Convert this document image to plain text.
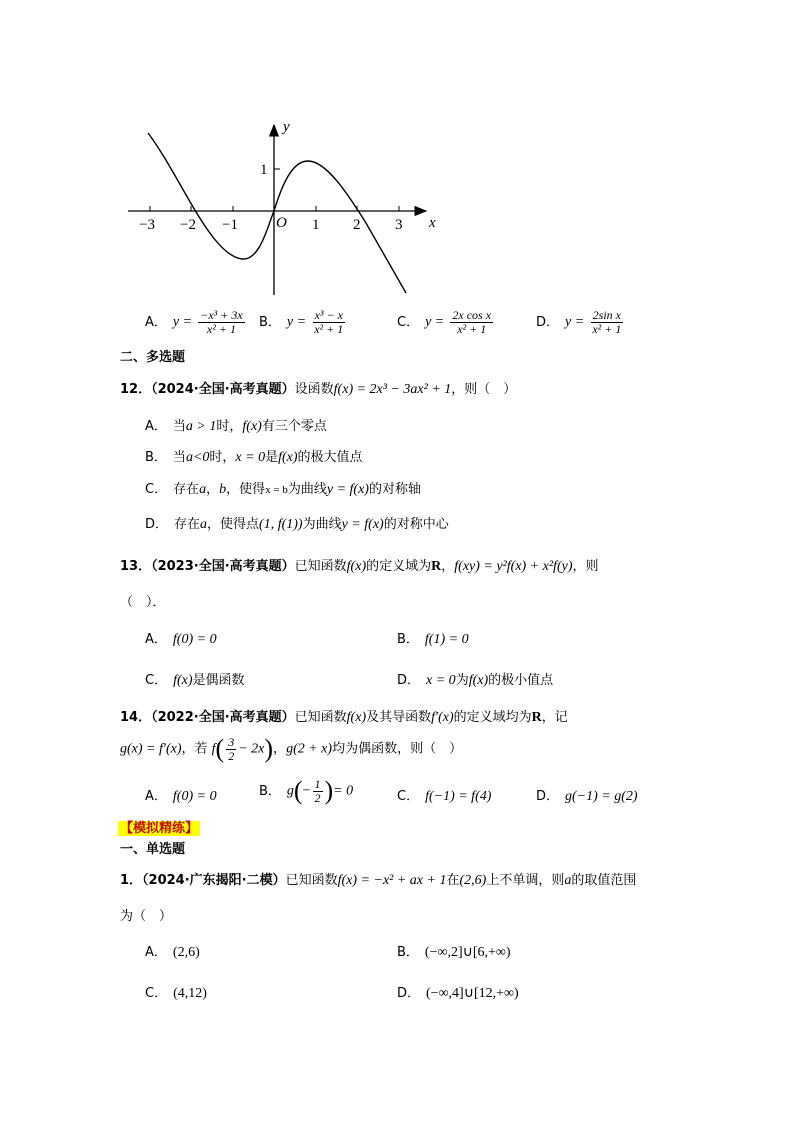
y
x
O
1
−3 −2 −1	1 2 3
A． $y = \frac{\text{−x³ + 3x}}{\text{x² + 1}}$ B． $y = \frac{\text{x³ − x}}{\text{x² + 1}}$	C． $y = \frac{\text{2x cos x}}{\text{x² + 1}}$	D． $y = \frac{\text{2sin x}}{\text{x² + 1}}$
二、多选题
12．（2024·全国·高考真题）设函数f(x) = 2x³ − 3ax² + 1，则（　）
A． 当a > 1时，f(x)有三个零点
B． 当a<0时，x = 0是f(x)的极大值点
C． 存在a，b，使得x = b为曲线y = f(x)的对称轴
D． 存在a，使得点(1, f(1))为曲线y = f(x)的对称中心
13．（2023·全国·高考真题）已知函数f(x)的定义域为R，f(xy) = y²f(x) + x²f(y)，则
（　）．
A． f(0) = 0	B． f(1) = 0
C． f(x)是偶函数	D． x = 0为f(x)的极小值点
14．（2022·全国·高考真题）已知函数f(x)及其导函数f′(x)的定义域均为R，记
g(x) = f′(x)，若 $f( \frac{3}{2} - 2x)$，g(2 + x)均为偶函数，则（　）
A． f(0) = 0	B． $g(- \frac{1}{2}$ )= 0	C． f(−1) = f(4)	D． g(−1) = g(2)
【模拟精练】
一、单选题
1．（2024·广东揭阳·二模）已知函数f(x) = −x² + ax + 1在(2,6)上不单调，则a的取值范围
为（　）
A． (2,6)	B． (−∞,2]∪[6,+∞)
C． (4,12)	D． (−∞,4]∪[12,+∞)
